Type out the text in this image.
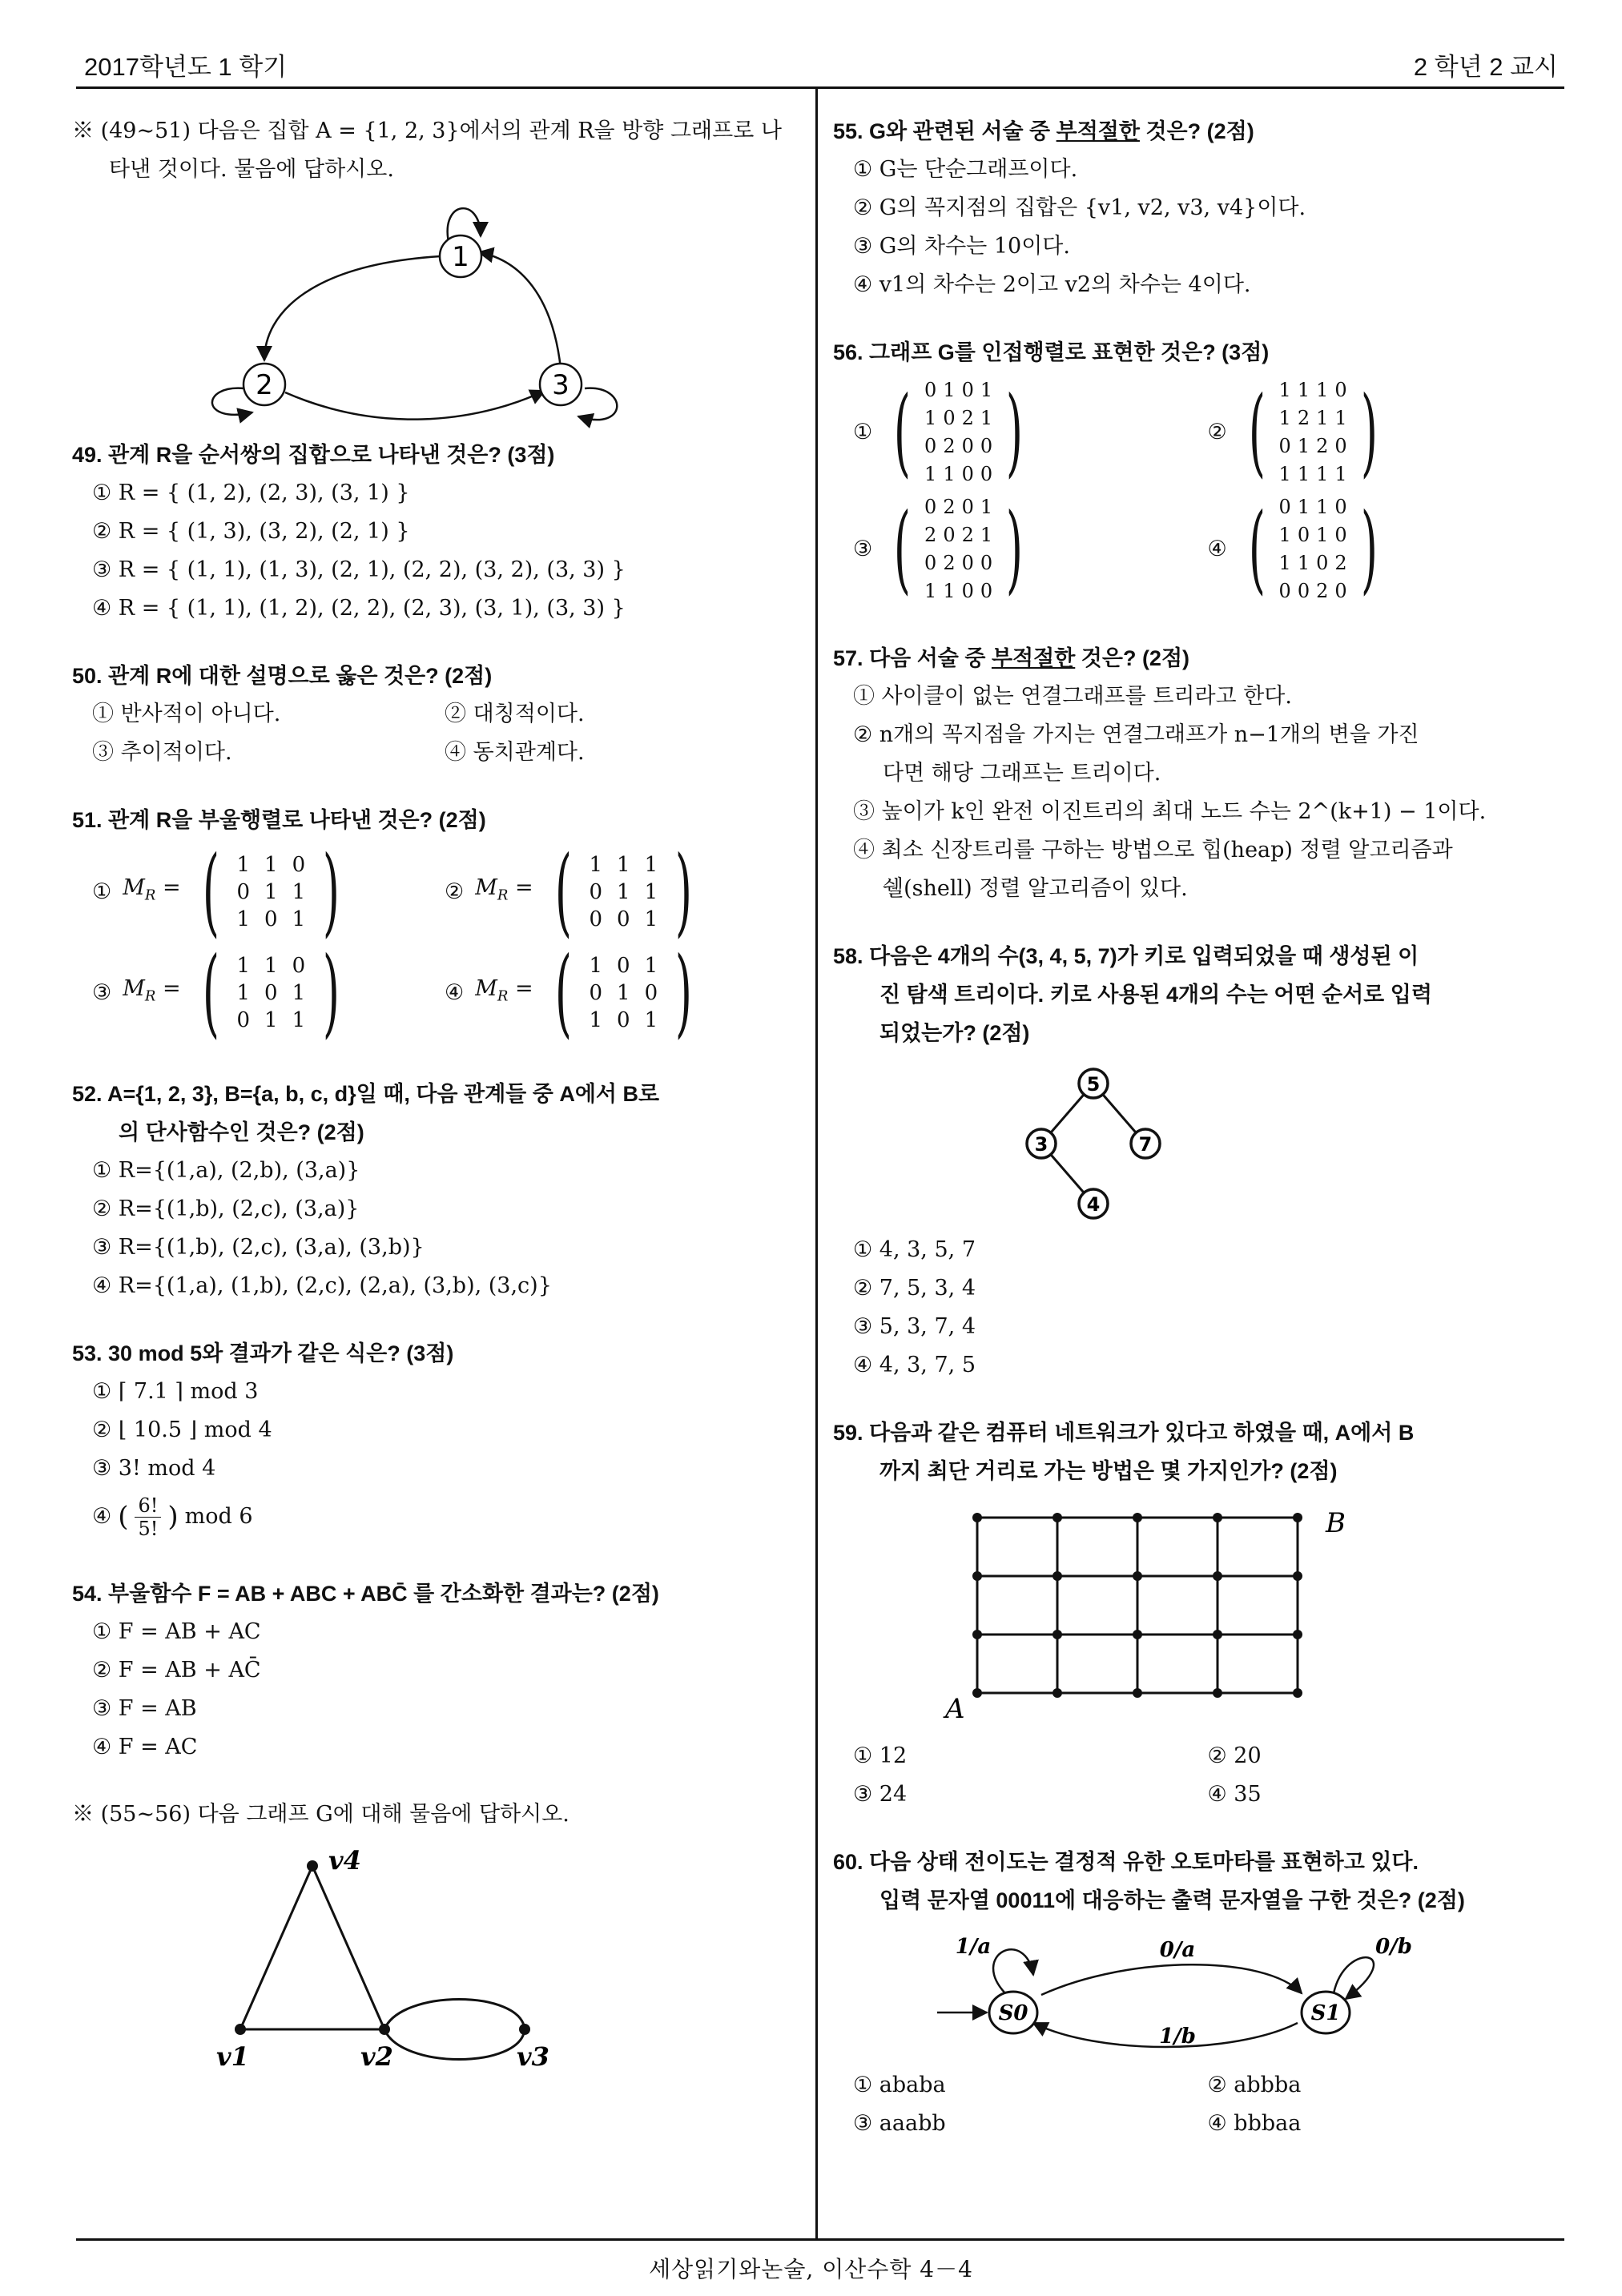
2017학년도 1 학기	2 학년 2 교시
세상읽기와논술, 이산수학 4－4
※ (49∼51) 다음은 집합 A = {1, 2, 3}에서의 관계 R을 방향 그래프로 나타낸 것이다. 물음에 답하시오.
1
2	3
49. 관계 R을 순서쌍의 집합으로 나타낸 것은? (3점)
① R = { (1, 2), (2, 3), (3, 1) }
② R = { (1, 3), (3, 2), (2, 1) }
③ R = { (1, 1), (1, 3), (2, 1), (2, 2), (3, 2), (3, 3) }
④ R = { (1, 1), (1, 2), (2, 2), (2, 3), (3, 1), (3, 3) }
50. 관계 R에 대한 설명으로 옳은 것은? (2점)
① 반사적이 아니다.	② 대칭적이다.
③ 추이적이다.	④ 동치관계다.
51. 관계 R을 부울행렬로 나타낸 것은? (2점)
① $M_R$ = ( 1	1	0
0	1	1
1	0	1 )	② $M_R$ = ( 1	1	1
0	1	1
0	0	1 )
③ $M_R$ = ( 1	1	0
1	0	1
0	1	1 )	④ $M_R$ = ( 1	0	1
0	1	0
1	0	1 )
52. A={1, 2, 3}, B={a, b, c, d}일 때, 다음 관계들 중 A에서 B로
의 단사함수인 것은? (2점)
① R={(1,a), (2,b), (3,a)}
② R={(1,b), (2,c), (3,a)}
③ R={(1,b), (2,c), (3,a), (3,b)}
④ R={(1,a), (1,b), (2,c), (2,a), (3,b), (3,c)}
53. 30 mod 5와 결과가 같은 식은? (3점)
① ⌈ 7.1 ⌉ mod 3
② ⌊ 10.5 ⌋ mod 4
③ 3! mod 4
④ ( $\frac{6!}{5!}$ ) mod 6
54. 부울함수 F = AB + ABC + ABC̄ 를 간소화한 결과는? (2점)
① F = AB + AC
② F = AB + AC̄
③ F = AB
④ F = AC
※ (55∼56) 다음 그래프 G에 대해 물음에 답하시오.
v4
v1	v2	v3
55. G와 관련된 서술 중 부적절한 것은? (2점)
① G는 단순그래프이다.
② G의 꼭지점의 집합은 {v1, v2, v3, v4}이다.
③ G의 차수는 10이다.
④ v1의 차수는 2이고 v2의 차수는 4이다.
56. 그래프 G를 인접행렬로 표현한 것은? (3점)
① ( 0	1	0	1
1	0	2	1
0	2	0	0
1	1	0	0 )	② ( 1	1	1	0
1	2	1	1
0	1	2	0
1	1	1	1 )
③ ( 0	2	0	1
2	0	2	1
0	2	0	0
1	1	0	0 )	④ ( 0	1	1	0
1	0	1	0
1	1	0	2
0	0	2	0 )
57. 다음 서술 중 부적절한 것은? (2점)
① 사이클이 없는 연결그래프를 트리라고 한다.
② n개의 꼭지점을 가지는 연결그래프가 n−1개의 변을 가진
다면 해당 그래프는 트리이다.
③ 높이가 k인 완전 이진트리의 최대 노드 수는 2^(k+1) − 1이다.
④ 최소 신장트리를 구하는 방법으로 힙(heap) 정렬 알고리즘과
쉘(shell) 정렬 알고리즘이 있다.
58. 다음은 4개의 수(3, 4, 5, 7)가 키로 입력되었을 때 생성된 이
진 탐색 트리이다. 키로 사용된 4개의 수는 어떤 순서로 입력
되었는가? (2점)
5
3	7
4
① 4, 3, 5, 7
② 7, 5, 3, 4
③ 5, 3, 7, 4
④ 4, 3, 7, 5
59. 다음과 같은 컴퓨터 네트워크가 있다고 하였을 때, A에서 B
까지 최단 거리로 가는 방법은 몇 가지인가? (2점)
A
B
① 12	② 20
③ 24	④ 35
60. 다음 상태 전이도는 결정적 유한 오토마타를 표현하고 있다.
입력 문자열 00011에 대응하는 출력 문자열을 구한 것은? (2점)
S0	S1
1/a	0/a	0/b
1/b
① ababa	② abbba
③ aaabb	④ bbbaa
